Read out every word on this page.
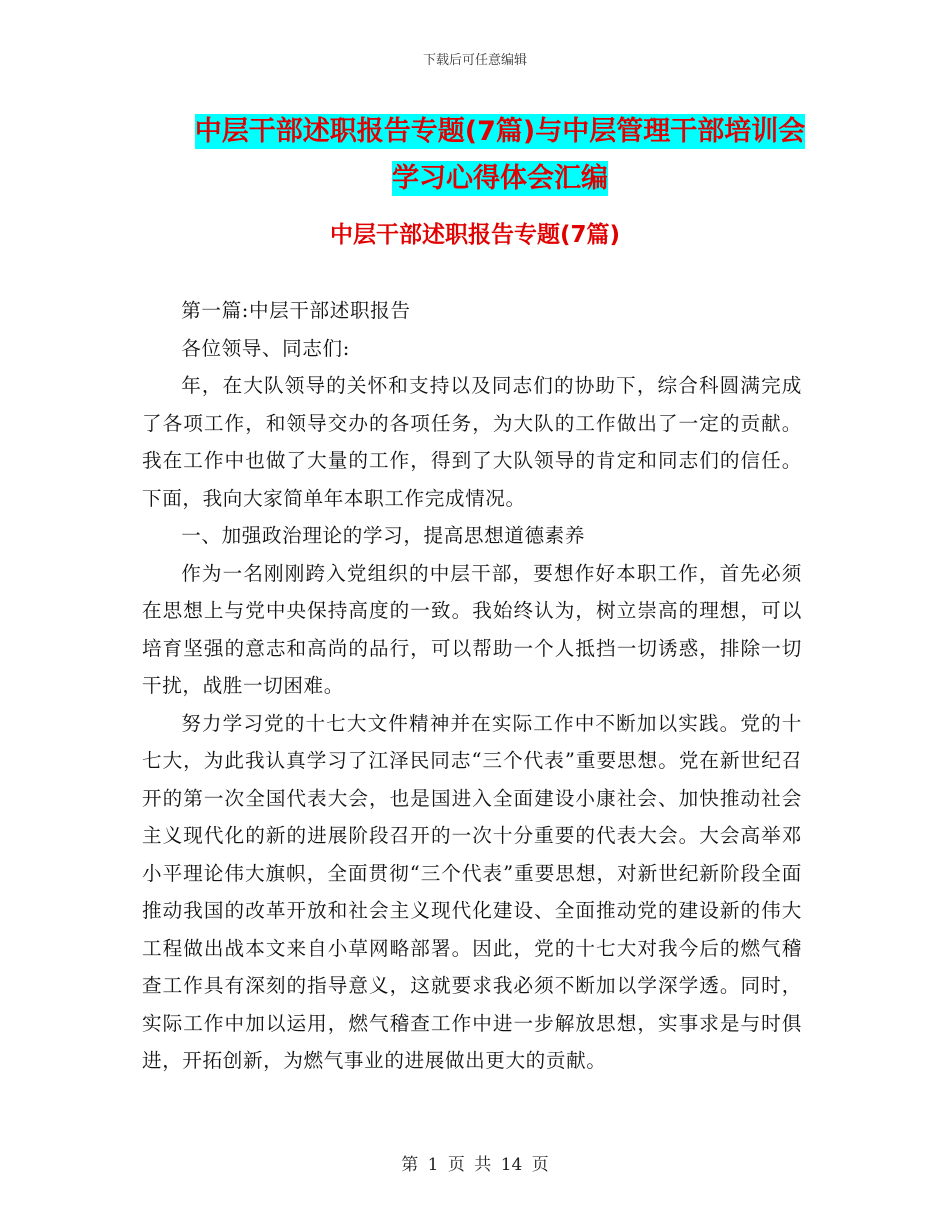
下载后可任意编辑
中层干部述职报告专题(7篇)与中层管理干部培训会
学习心得体会汇编
中层干部述职报告专题(7篇)

第一篇:中层干部述职报告

各位领导、同志们:

年，在大队领导的关怀和支持以及同志们的协助下，综合科圆满完成了各项工作，和领导交办的各项任务，为大队的工作做出了一定的贡献。我在工作中也做了大量的工作，得到了大队领导的肯定和同志们的信任。下面，我向大家简单年本职工作完成情况。

一、加强政治理论的学习，提高思想道德素养

作为一名刚刚跨入党组织的中层干部，要想作好本职工作，首先必须在思想上与党中央保持高度的一致。我始终认为，树立崇高的理想，可以培育坚强的意志和高尚的品行，可以帮助一个人抵挡一切诱惑，排除一切干扰，战胜一切困难。

努力学习党的十七大文件精神并在实际工作中不断加以实践。党的十七大，为此我认真学习了江泽民同志“三个代表”重要思想。党在新世纪召开的第一次全国代表大会，也是国进入全面建设小康社会、加快推动社会主义现代化的新的进展阶段召开的一次十分重要的代表大会。大会高举邓小平理论伟大旗帜，全面贯彻“三个代表”重要思想，对新世纪新阶段全面推动我国的改革开放和社会主义现代化建设、全面推动党的建设新的伟大工程做出战本文来自小草网略部署。因此，党的十七大对我今后的燃气稽查工作具有深刻的指导意义，这就要求我必须不断加以学深学透。同时，实际工作中加以运用，燃气稽查工作中进一步解放思想，实事求是与时俱进，开拓创新，为燃气事业的进展做出更大的贡献。

第 1 页 共 14 页
